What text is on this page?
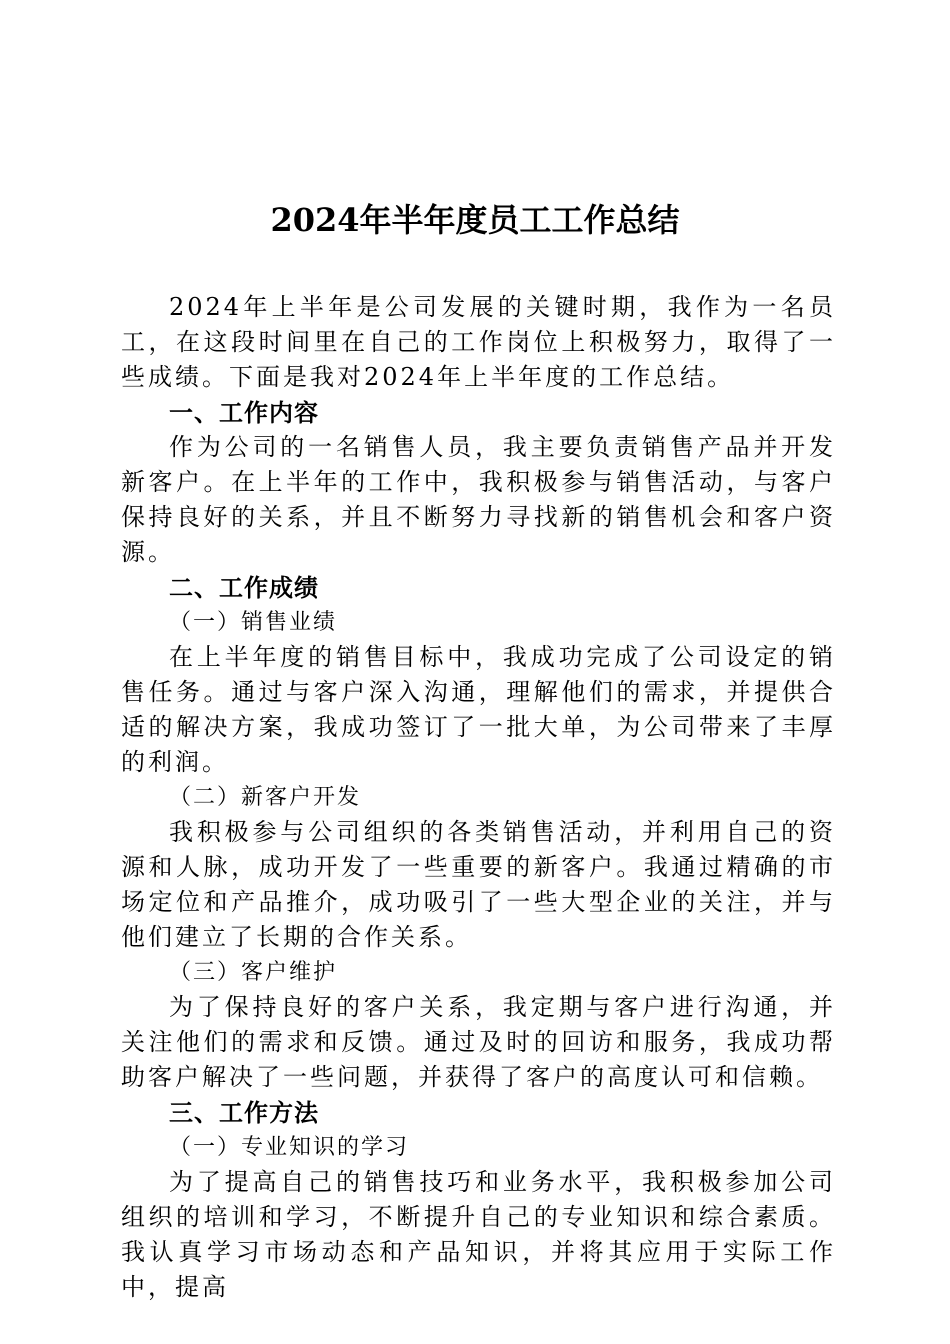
2024年半年度员工工作总结

2024年上半年是公司发展的关键时期，我作为一名员工，在这段时间里在自己的工作岗位上积极努力，取得了一些成绩。下面是我对2024年上半年度的工作总结。

一、工作内容

作为公司的一名销售人员，我主要负责销售产品并开发新客户。在上半年的工作中，我积极参与销售活动，与客户保持良好的关系，并且不断努力寻找新的销售机会和客户资源。

二、工作成绩

（一）销售业绩

在上半年度的销售目标中，我成功完成了公司设定的销售任务。通过与客户深入沟通，理解他们的需求，并提供合适的解决方案，我成功签订了一批大单，为公司带来了丰厚的利润。

（二）新客户开发

我积极参与公司组织的各类销售活动，并利用自己的资源和人脉，成功开发了一些重要的新客户。我通过精确的市场定位和产品推介，成功吸引了一些大型企业的关注，并与他们建立了长期的合作关系。

（三）客户维护

为了保持良好的客户关系，我定期与客户进行沟通，并关注他们的需求和反馈。通过及时的回访和服务，我成功帮助客户解决了一些问题，并获得了客户的高度认可和信赖。

三、工作方法

（一）专业知识的学习

为了提高自己的销售技巧和业务水平，我积极参加公司组织的培训和学习，不断提升自己的专业知识和综合素质。我认真学习市场动态和产品知识，并将其应用于实际工作中，提高
